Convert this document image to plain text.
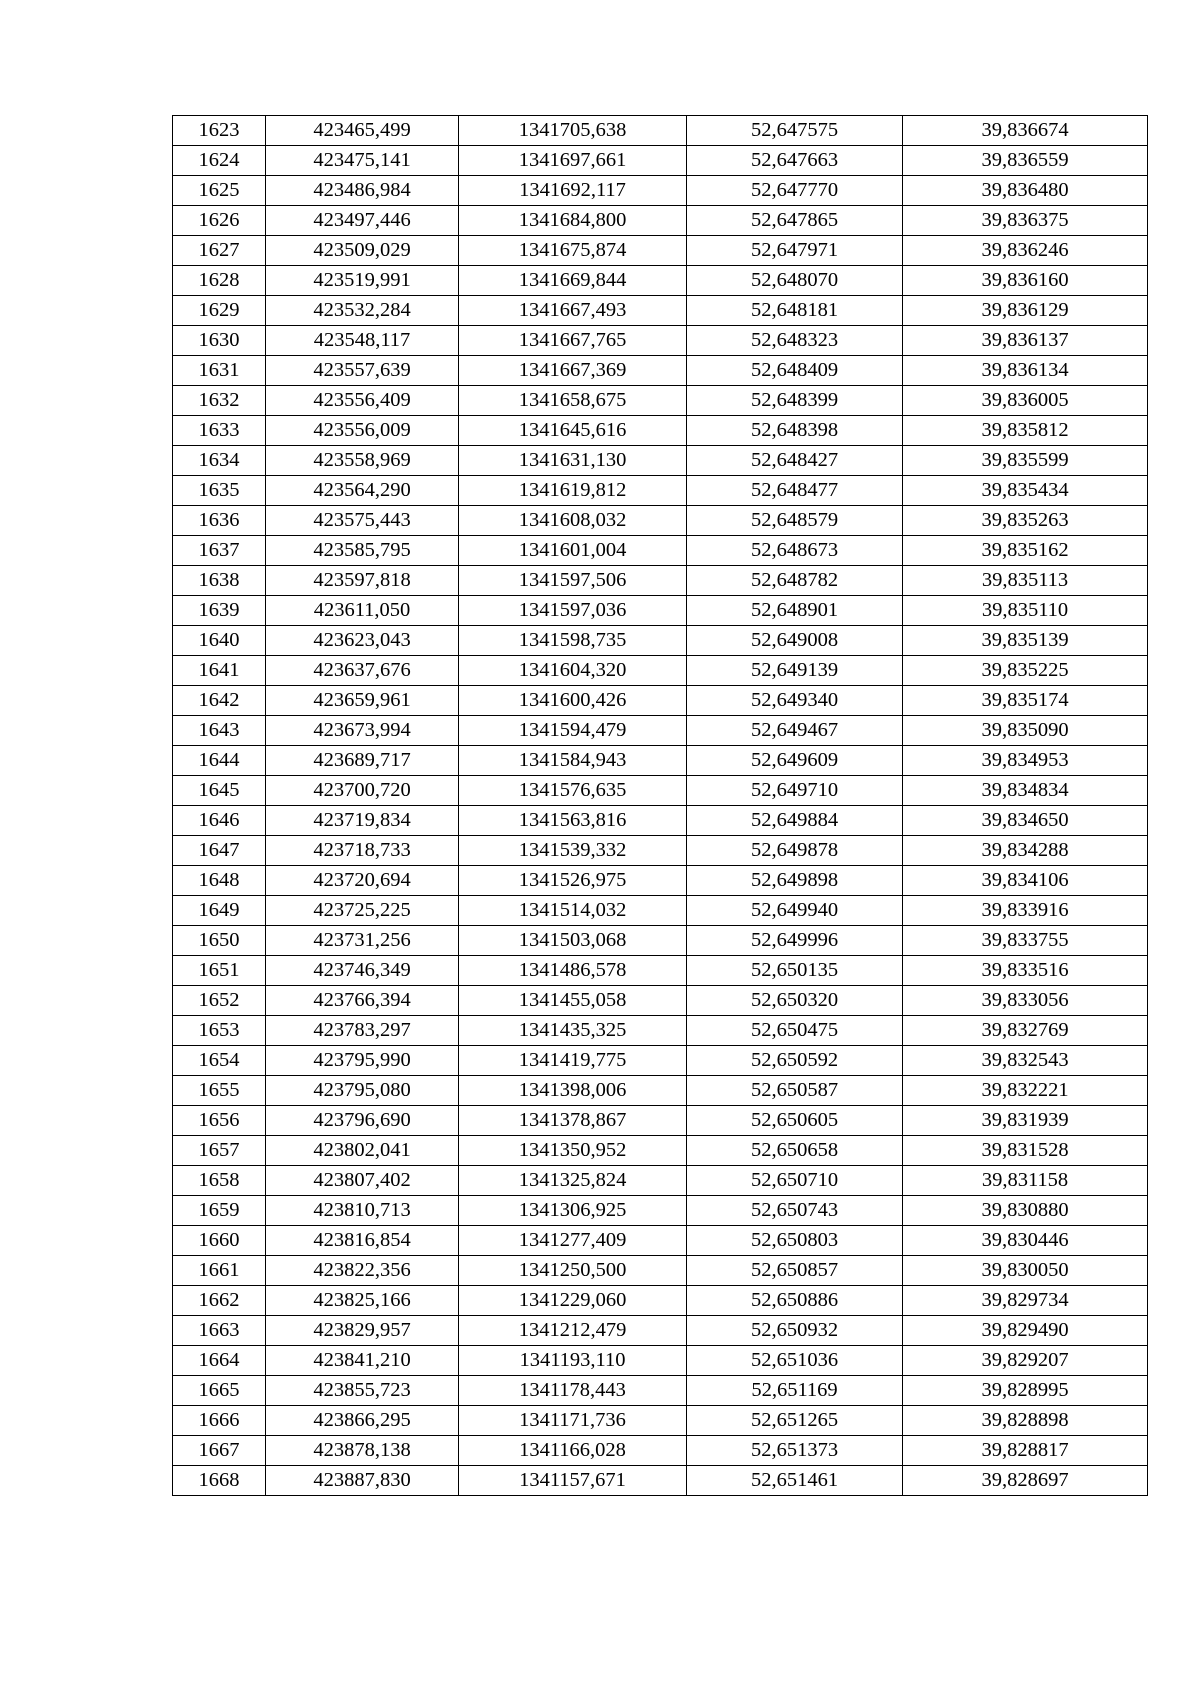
1623	423465,499	1341705,638	52,647575	39,836674
1624	423475,141	1341697,661	52,647663	39,836559
1625	423486,984	1341692,117	52,647770	39,836480
1626	423497,446	1341684,800	52,647865	39,836375
1627	423509,029	1341675,874	52,647971	39,836246
1628	423519,991	1341669,844	52,648070	39,836160
1629	423532,284	1341667,493	52,648181	39,836129
1630	423548,117	1341667,765	52,648323	39,836137
1631	423557,639	1341667,369	52,648409	39,836134
1632	423556,409	1341658,675	52,648399	39,836005
1633	423556,009	1341645,616	52,648398	39,835812
1634	423558,969	1341631,130	52,648427	39,835599
1635	423564,290	1341619,812	52,648477	39,835434
1636	423575,443	1341608,032	52,648579	39,835263
1637	423585,795	1341601,004	52,648673	39,835162
1638	423597,818	1341597,506	52,648782	39,835113
1639	423611,050	1341597,036	52,648901	39,835110
1640	423623,043	1341598,735	52,649008	39,835139
1641	423637,676	1341604,320	52,649139	39,835225
1642	423659,961	1341600,426	52,649340	39,835174
1643	423673,994	1341594,479	52,649467	39,835090
1644	423689,717	1341584,943	52,649609	39,834953
1645	423700,720	1341576,635	52,649710	39,834834
1646	423719,834	1341563,816	52,649884	39,834650
1647	423718,733	1341539,332	52,649878	39,834288
1648	423720,694	1341526,975	52,649898	39,834106
1649	423725,225	1341514,032	52,649940	39,833916
1650	423731,256	1341503,068	52,649996	39,833755
1651	423746,349	1341486,578	52,650135	39,833516
1652	423766,394	1341455,058	52,650320	39,833056
1653	423783,297	1341435,325	52,650475	39,832769
1654	423795,990	1341419,775	52,650592	39,832543
1655	423795,080	1341398,006	52,650587	39,832221
1656	423796,690	1341378,867	52,650605	39,831939
1657	423802,041	1341350,952	52,650658	39,831528
1658	423807,402	1341325,824	52,650710	39,831158
1659	423810,713	1341306,925	52,650743	39,830880
1660	423816,854	1341277,409	52,650803	39,830446
1661	423822,356	1341250,500	52,650857	39,830050
1662	423825,166	1341229,060	52,650886	39,829734
1663	423829,957	1341212,479	52,650932	39,829490
1664	423841,210	1341193,110	52,651036	39,829207
1665	423855,723	1341178,443	52,651169	39,828995
1666	423866,295	1341171,736	52,651265	39,828898
1667	423878,138	1341166,028	52,651373	39,828817
1668	423887,830	1341157,671	52,651461	39,828697
